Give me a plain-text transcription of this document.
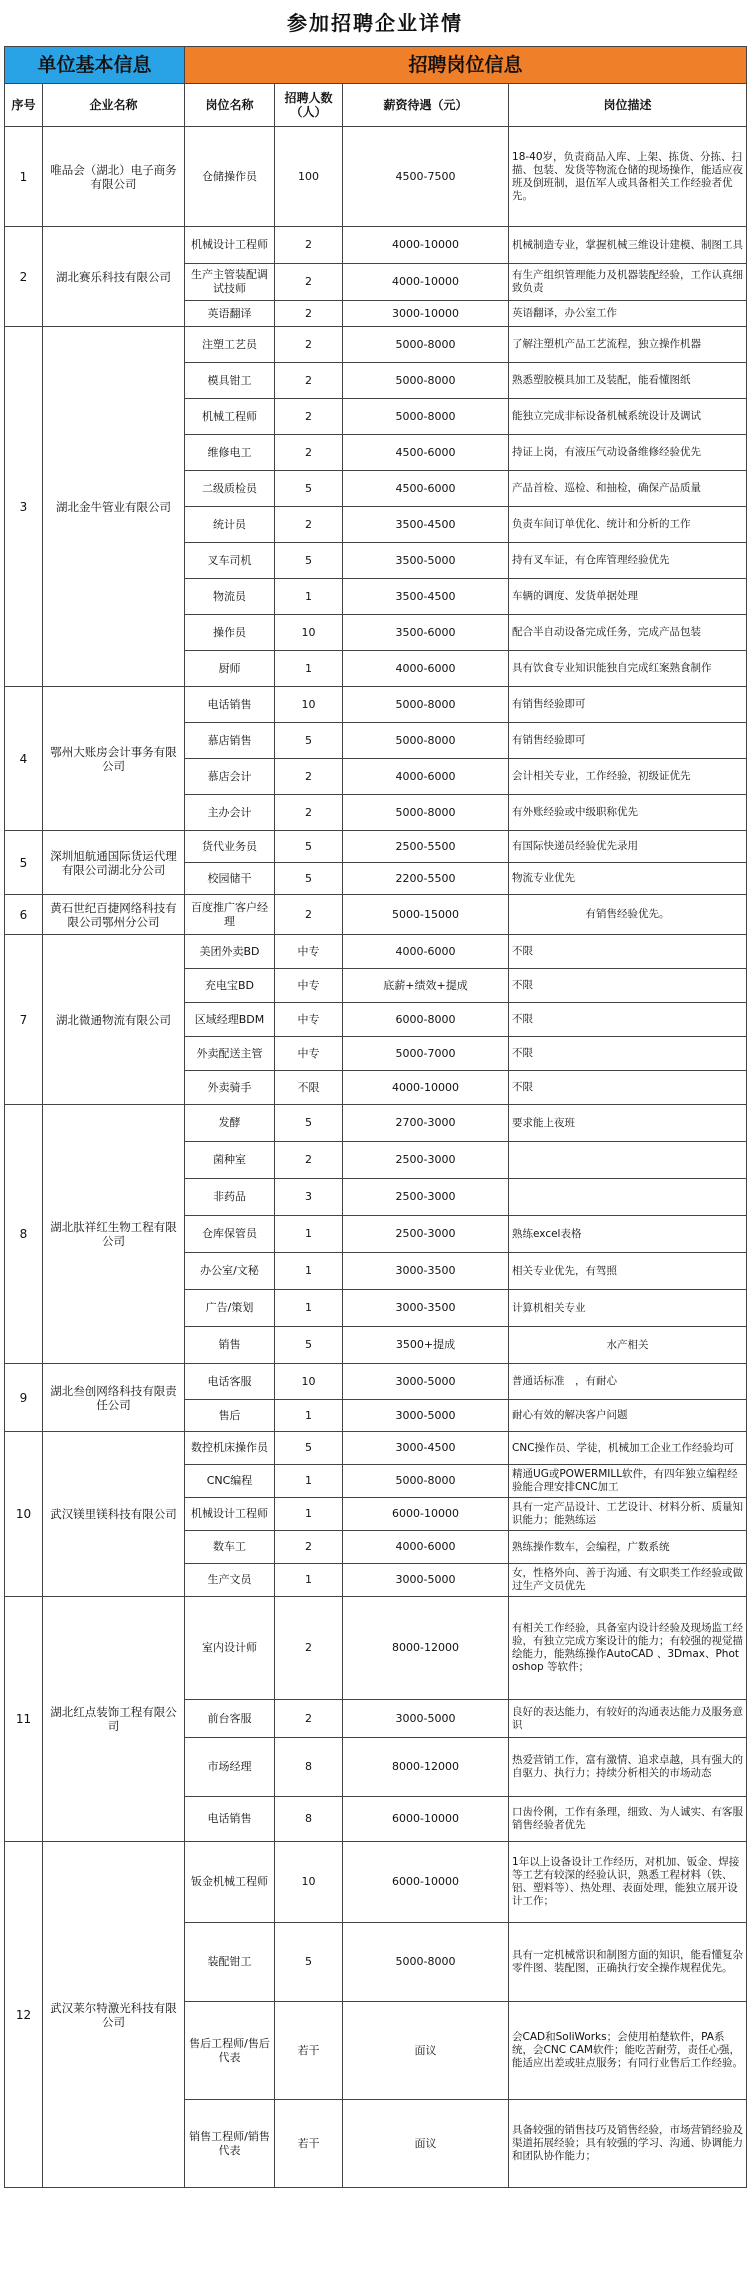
参加招聘企业详情
单位基本信息		招聘岗位信息			
序号	企业名称	岗位名称	招聘人数（人）	薪资待遇（元）	岗位描述
1	唯品会（湖北）电子商务有限公司	仓储操作员	100	4500-7500	18-40岁，负责商品入库、上架、拣货、分拣、扫描、包装、发货等物流仓储的现场操作，能适应夜班及倒班制，退伍军人或具备相关工作经验者优先。
2	湖北赛乐科技有限公司	机械设计工程师	2	4000-10000	机械制造专业，掌握机械三维设计建模、制图工具
		生产主管装配调试技师	2	4000-10000	有生产组织管理能力及机器装配经验，工作认真细致负责
		英语翻译	2	3000-10000	英语翻译，办公室工作
3	湖北金牛管业有限公司	注塑工艺员	2	5000-8000	了解注塑机产品工艺流程，独立操作机器
		模具钳工	2	5000-8000	熟悉塑胶模具加工及装配，能看懂图纸
		机械工程师	2	5000-8000	能独立完成非标设备机械系统设计及调试
		维修电工	2	4500-6000	持证上岗，有液压气动设备维修经验优先
		二级质检员	5	4500-6000	产品首检、巡检、和抽检，确保产品质量
		统计员	2	3500-4500	负责车间订单优化、统计和分析的工作
		叉车司机	5	3500-5000	持有叉车证，有仓库管理经验优先
		物流员	1	3500-4500	车辆的调度、发货单据处理
		操作员	10	3500-6000	配合半自动设备完成任务，完成产品包装
		厨师	1	4000-6000	具有饮食专业知识能独自完成红案熟食制作
4	鄂州大账房会计事务有限公司	电话销售	10	5000-8000	有销售经验即可
		慕店销售	5	5000-8000	有销售经验即可
		慕店会计	2	4000-6000	会计相关专业，工作经验，初级证优先
		主办会计	2	5000-8000	有外账经验或中级职称优先
5	深圳旭航通国际货运代理有限公司湖北分公司	货代业务员	5	2500-5500	有国际快递员经验优先录用
		校园储干	5	2200-5500	物流专业优先
6	黄石世纪百捷网络科技有限公司鄂州分公司	百度推广客户经理	2	5000-15000	有销售经验优先。
7	湖北微通物流有限公司	美团外卖BD	中专	4000-6000	不限
		充电宝BD	中专	底薪+绩效+提成	不限
		区域经理BDM	中专	6000-8000	不限
		外卖配送主管	中专	5000-7000	不限
		外卖骑手	不限	4000-10000	不限
8	湖北肽祥红生物工程有限公司	发酵	5	2700-3000	要求能上夜班
		菌种室	2	2500-3000	
		非药品	3	2500-3000	
		仓库保管员	1	2500-3000	熟练excel表格
		办公室/文秘	1	3000-3500	相关专业优先，有驾照
		广告/策划	1	3000-3500	计算机相关专业
		销售	5	3500+提成	水产相关
9	湖北叁创网络科技有限责任公司	电话客服	10	3000-5000	普通话标准　，有耐心
		售后	1	3000-5000	耐心有效的解决客户问题
10	武汉镁里镁科技有限公司	数控机床操作员	5	3000-4500	CNC操作员、学徒，机械加工企业工作经验均可
		CNC编程	1	5000-8000	精通UG或POWERMILL软件，有四年独立编程经验能合理安排CNC加工
		机械设计工程师	1	6000-10000	具有一定产品设计、工艺设计、材料分析、质量知识能力；能熟练运
		数车工	2	4000-6000	熟练操作数车，会编程，广数系统
		生产文员	1	3000-5000	女，性格外向、善于沟通、有文职类工作经验或做过生产文员优先
11	湖北红点装饰工程有限公司	室内设计师	2	8000-12000	有相关工作经验，具备室内设计经验及现场监工经验，有独立完成方案设计的能力；有较强的视觉描绘能力，能熟练操作AutoCAD 、3Dmax、Photoshop 等软件；
		前台客服	2	3000-5000	良好的表达能力，有较好的沟通表达能力及服务意识
		市场经理	8	8000-12000	热爱营销工作，富有激情、追求卓越，具有强大的自驱力、执行力；持续分析相关的市场动态
		电话销售	8	6000-10000	口齿伶俐，工作有条理，细致、为人诚实、有客服销售经验者优先
12	武汉莱尔特激光科技有限公司	钣金机械工程师	10	6000-10000	1年以上设备设计工作经历，对机加、钣金、焊接等工艺有较深的经验认识，熟悉工程材料（铁、铝、塑料等）、热处理、表面处理，能独立展开设计工作；
		装配钳工	5	5000-8000	具有一定机械常识和制图方面的知识，能看懂复杂零件图、装配图，正确执行安全操作规程优先。
		售后工程师/售后代表	若干	面议	会CAD和SoliWorks；会使用柏楚软件，PA系统，会CNC CAM软件；能吃苦耐劳，责任心强，能适应出差或驻点服务；有同行业售后工作经验。
		销售工程师/销售代表	若干	面议	具备较强的销售技巧及销售经验，市场营销经验及渠道拓展经验；具有较强的学习、沟通、协调能力和团队协作能力；
